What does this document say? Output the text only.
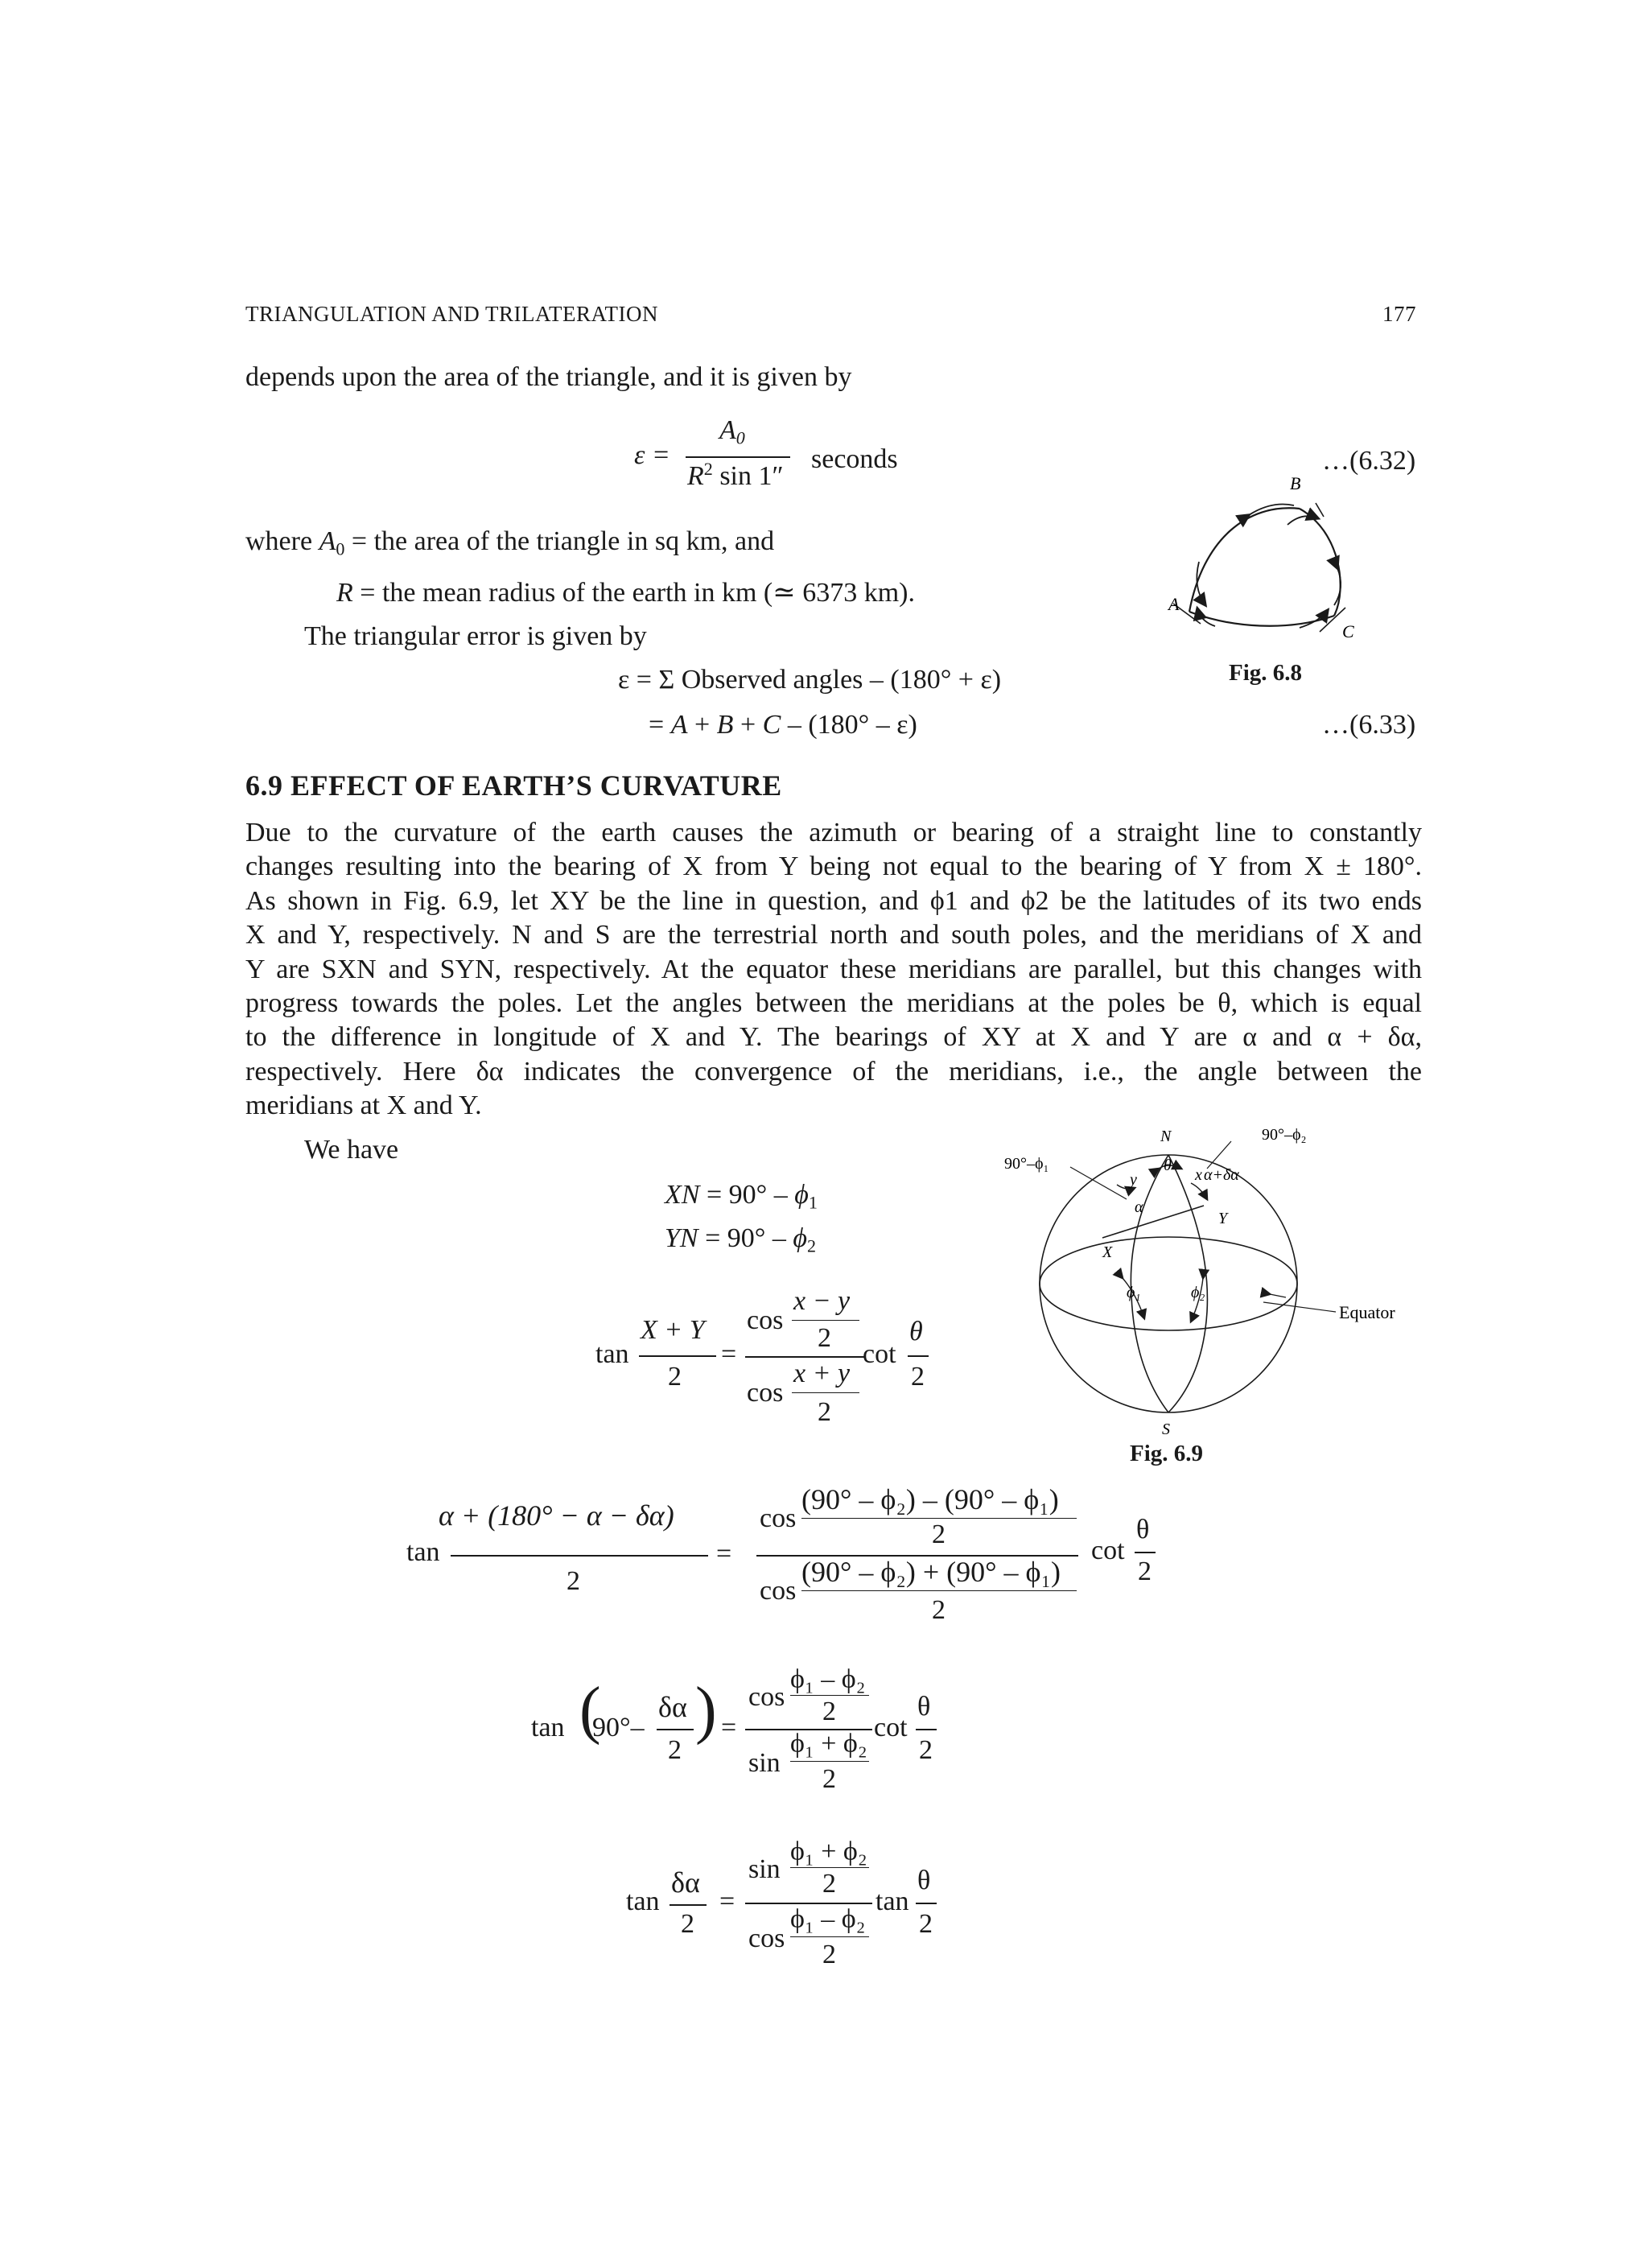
TRIANGULATION AND TRILATERATION	177
depends upon the area of the triangle, and it is given by
ε =
$A_0$
$R^2$ sin 1″
seconds	…(6.32)
where $A_0$ = the area of the triangle in sq km, and
R = the mean radius of the earth in km (≃ 6373 km).
The triangular error is given by
ε = Σ Observed angles – (180° + ε)
= A + B + C – (180° – ε)	…(6.33)
A
B
C
Fig. 6.8
6.9 EFFECT OF EARTH’S CURVATURE
Due to the curvature of the earth causes the azimuth or bearing of a straight line to constantly
changes resulting into the bearing of X from Y being not equal to the bearing of Y from X ± 180°.
As shown in Fig. 6.9, let XY be the line in question, and ϕ1 and ϕ2 be the latitudes of its two ends
X and Y, respectively. N and S are the terrestrial north and south poles, and the meridians of X and
Y are SXN and SYN, respectively. At the equator these meridians are parallel, but this changes with
progress towards the poles. Let the angles between the meridians at the poles be θ, which is equal
to the difference in longitude of X and Y. The bearings of XY at X and Y are α and α + δα,
respectively. Here δα indicates the convergence of the meridians, i.e., the angle between the
meridians at X and Y.
We have
XN = $90^\circ - \phi_1$
YN = $90^\circ - \phi_2$
tan
X + Y
2
=
cos
x − y
2
cos
x + y
2
cot
θ
2
N
S
X
Y
x
y
θ
α
α+δα
90°–ϕ₁
90°–ϕ₂
ϕ₁	ϕ₂
Equator
Fig. 6.9
tan
α + (180° − α − δα)
2
=
cos
(90° – ϕ₂) – (90° – ϕ₁)
2
cos
(90° – ϕ₂) + (90° – ϕ₁)
2
cot
θ
2
tan (
90°–
δα
2
) =
cos
ϕ₁ – ϕ₂
2
sin
ϕ₁ + ϕ₂
2
cot
θ
2
tan
δα
2
=
sin
ϕ₁ + ϕ₂
2
cos
ϕ₁ – ϕ₂
2
tan
θ
2
